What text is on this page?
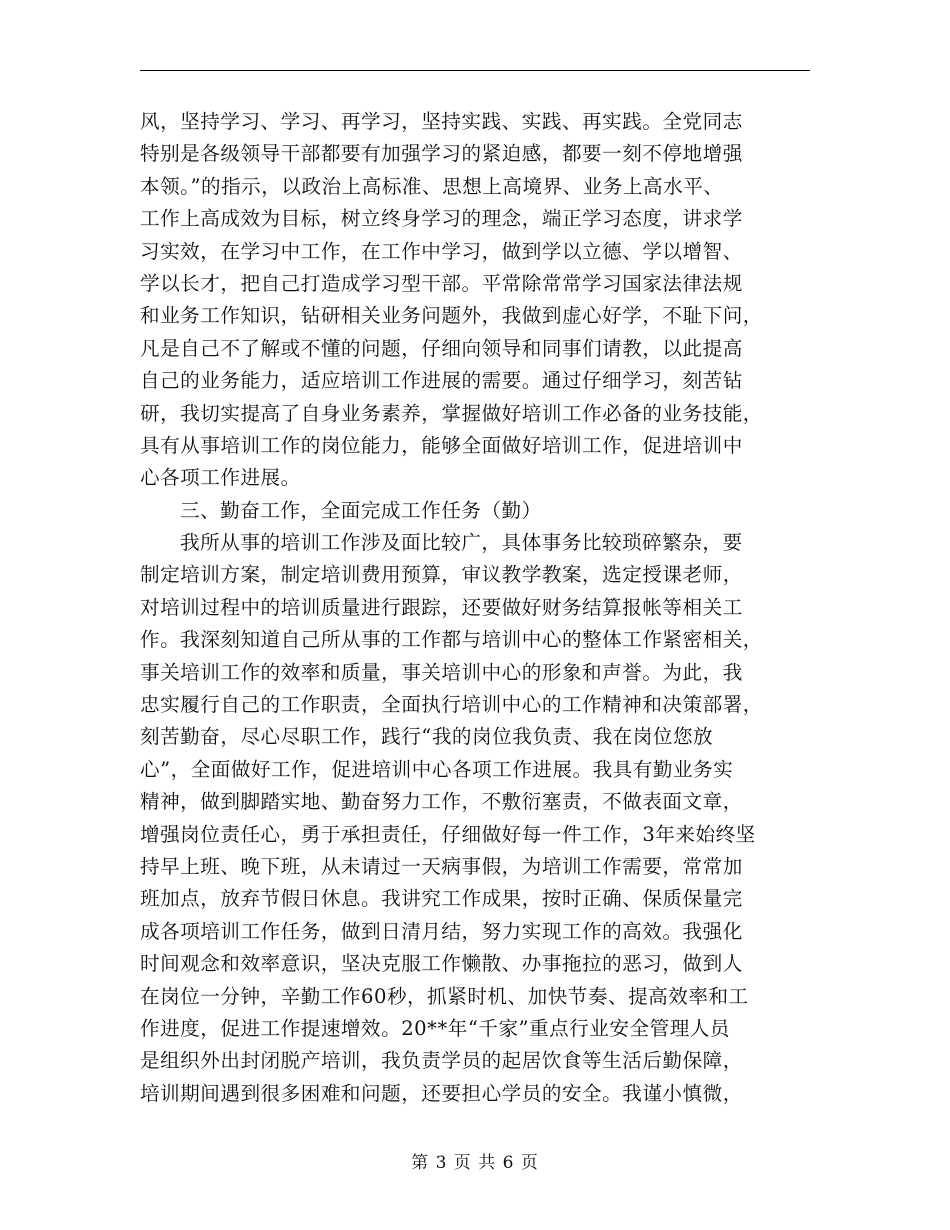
风，坚持学习、学习、再学习，坚持实践、实践、再实践。全党同志
特别是各级领导干部都要有加强学习的紧迫感，都要一刻不停地增强
本领。”的指示，以政治上高标准、思想上高境界、业务上高水平、
工作上高成效为目标，树立终身学习的理念，端正学习态度，讲求学
习实效，在学习中工作，在工作中学习，做到学以立德、学以增智、
学以长才，把自己打造成学习型干部。平常除常常学习国家法律法规
和业务工作知识，钻研相关业务问题外，我做到虚心好学，不耻下问，
凡是自己不了解或不懂的问题，仔细向领导和同事们请教，以此提高
自己的业务能力，适应培训工作进展的需要。通过仔细学习，刻苦钻
研，我切实提高了自身业务素养，掌握做好培训工作必备的业务技能，
具有从事培训工作的岗位能力，能够全面做好培训工作，促进培训中
心各项工作进展。
三、勤奋工作，全面完成工作任务（勤）
我所从事的培训工作涉及面比较广，具体事务比较琐碎繁杂，要
制定培训方案，制定培训费用预算，审议教学教案，选定授课老师，
对培训过程中的培训质量进行跟踪，还要做好财务结算报帐等相关工
作。我深刻知道自己所从事的工作都与培训中心的整体工作紧密相关，
事关培训工作的效率和质量，事关培训中心的形象和声誉。为此，我
忠实履行自己的工作职责，全面执行培训中心的工作精神和决策部署，
刻苦勤奋，尽心尽职工作，践行“我的岗位我负责、我在岗位您放
心”，全面做好工作，促进培训中心各项工作进展。我具有勤业务实
精神，做到脚踏实地、勤奋努力工作，不敷衍塞责，不做表面文章，
增强岗位责任心，勇于承担责任，仔细做好每一件工作，3年来始终坚
持早上班、晚下班，从未请过一天病事假，为培训工作需要，常常加
班加点，放弃节假日休息。我讲究工作成果，按时正确、保质保量完
成各项培训工作任务，做到日清月结，努力实现工作的高效。我强化
时间观念和效率意识，坚决克服工作懒散、办事拖拉的恶习，做到人
在岗位一分钟，辛勤工作60秒，抓紧时机、加快节奏、提高效率和工
作进度，促进工作提速增效。20**年“千家”重点行业安全管理人员
是组织外出封闭脱产培训，我负责学员的起居饮食等生活后勤保障，
培训期间遇到很多困难和问题，还要担心学员的安全。我谨小慎微，
第 3 页 共 6 页
